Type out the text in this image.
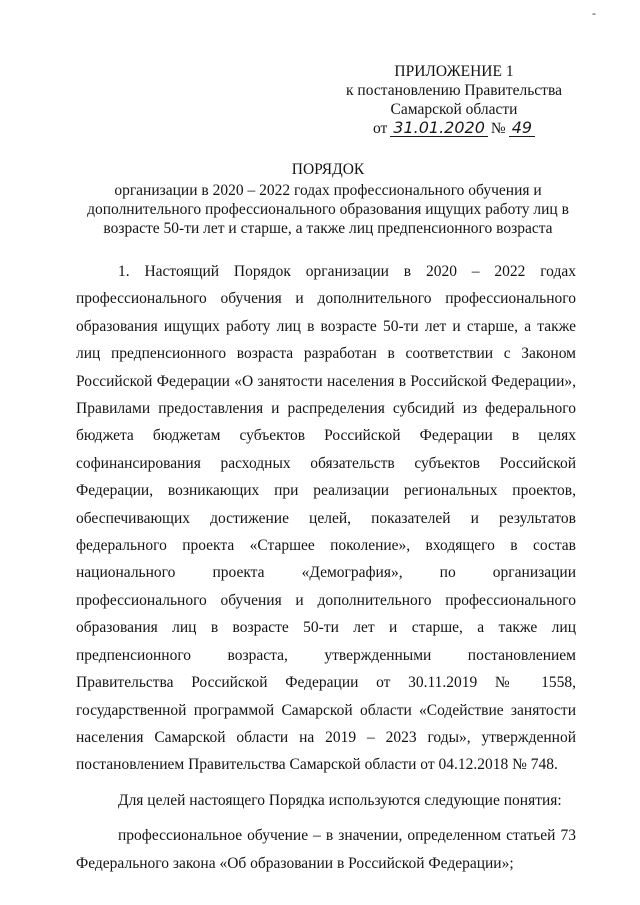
-
ПРИЛОЖЕНИЕ 1
к постановлению Правительства
Самарской области
от 31.01.2020 № 49
ПОРЯДОК
организации в 2020 – 2022 годах профессионального обучения и
дополнительного профессионального образования ищущих работу лиц в
возрасте 50-ти лет и старше, а также лиц предпенсионного возраста

1. Настоящий Порядок организации в 2020 – 2022 годах профессионального обучения и дополнительного профессионального образования ищущих работу лиц в возрасте 50-ти лет и старше, а также лиц предпенсионного возраста разработан в соответствии с Законом Российской Федерации «О занятости населения в Российской Федерации», Правилами предоставления и распределения субсидий из федерального бюджета бюджетам субъектов Российской Федерации в целях софинансирования расходных обязательств субъектов Российской Федерации, возникающих при реализации региональных проектов, обеспечивающих достижение целей, показателей и результатов федерального проекта «Старшее поколение», входящего в состав национального проекта «Демография», по организации профессионального обучения и дополнительного профессионального образования лиц в возрасте 50-ти лет и старше, а также лиц предпенсионного возраста, утвержденными постановлением Правительства Российской Федерации от 30.11.2019 № 1558, государственной программой Самарской области «Содействие занятости населения Самарской области на 2019 – 2023 годы», утвержденной постановлением Правительства Самарской области от 04.12.2018 № 748.

Для целей настоящего Порядка используются следующие понятия:

профессиональное обучение – в значении, определенном статьей 73 Федерального закона «Об образовании в Российской Федерации»;
